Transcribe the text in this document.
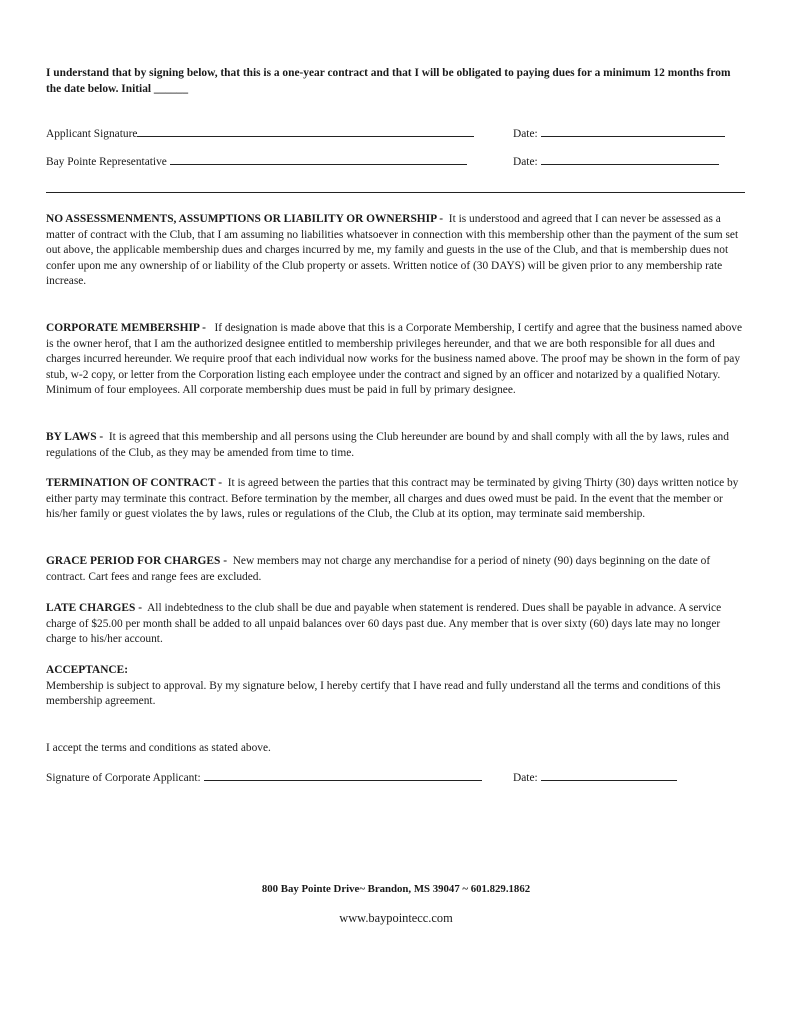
I understand that by signing below, that this is a one-year contract and that I will be obligated to paying dues for a minimum 12 months from the date below. Initial ______
Applicant Signature	Date:
Bay Pointe Representative	Date:
NO ASSESSMENMENTS, ASSUMPTIONS OR LIABILITY OR OWNERSHIP - It is understood and agreed that I can never be assessed as a matter of contract with the Club, that I am assuming no liabilities whatsoever in connection with this membership other than the payment of the sum set out above, the applicable membership dues and charges incurred by me, my family and guests in the use of the Club, and that is membership dues not confer upon me any ownership of or liability of the Club property or assets. Written notice of (30 DAYS) will be given prior to any membership rate increase.
CORPORATE MEMBERSHIP - If designation is made above that this is a Corporate Membership, I certify and agree that the business named above is the owner herof, that I am the authorized designee entitled to membership privileges hereunder, and that we are both responsible for all dues and charges incurred hereunder. We require proof that each individual now works for the business named above. The proof may be shown in the form of pay stub, w-2 copy, or letter from the Corporation listing each employee under the contract and signed by an officer and notarized by a qualified Notary. Minimum of four employees. All corporate membership dues must be paid in full by primary designee.
BY LAWS - It is agreed that this membership and all persons using the Club hereunder are bound by and shall comply with all the by laws, rules and regulations of the Club, as they may be amended from time to time.
TERMINATION OF CONTRACT - It is agreed between the parties that this contract may be terminated by giving Thirty (30) days written notice by either party may terminate this contract. Before termination by the member, all charges and dues owed must be paid. In the event that the member or his/her family or guest violates the by laws, rules or regulations of the Club, the Club at its option, may terminate said membership.
GRACE PERIOD FOR CHARGES - New members may not charge any merchandise for a period of ninety (90) days beginning on the date of contract. Cart fees and range fees are excluded.
LATE CHARGES - All indebtedness to the club shall be due and payable when statement is rendered. Dues shall be payable in advance. A service charge of $25.00 per month shall be added to all unpaid balances over 60 days past due. Any member that is over sixty (60) days late may no longer charge to his/her account.
ACCEPTANCE:
Membership is subject to approval. By my signature below, I hereby certify that I have read and fully understand all the terms and conditions of this membership agreement.
I accept the terms and conditions as stated above.
Signature of Corporate Applicant:	Date:
800 Bay Pointe Drive~ Brandon, MS 39047 ~ 601.829.1862
www.baypointecc.com
